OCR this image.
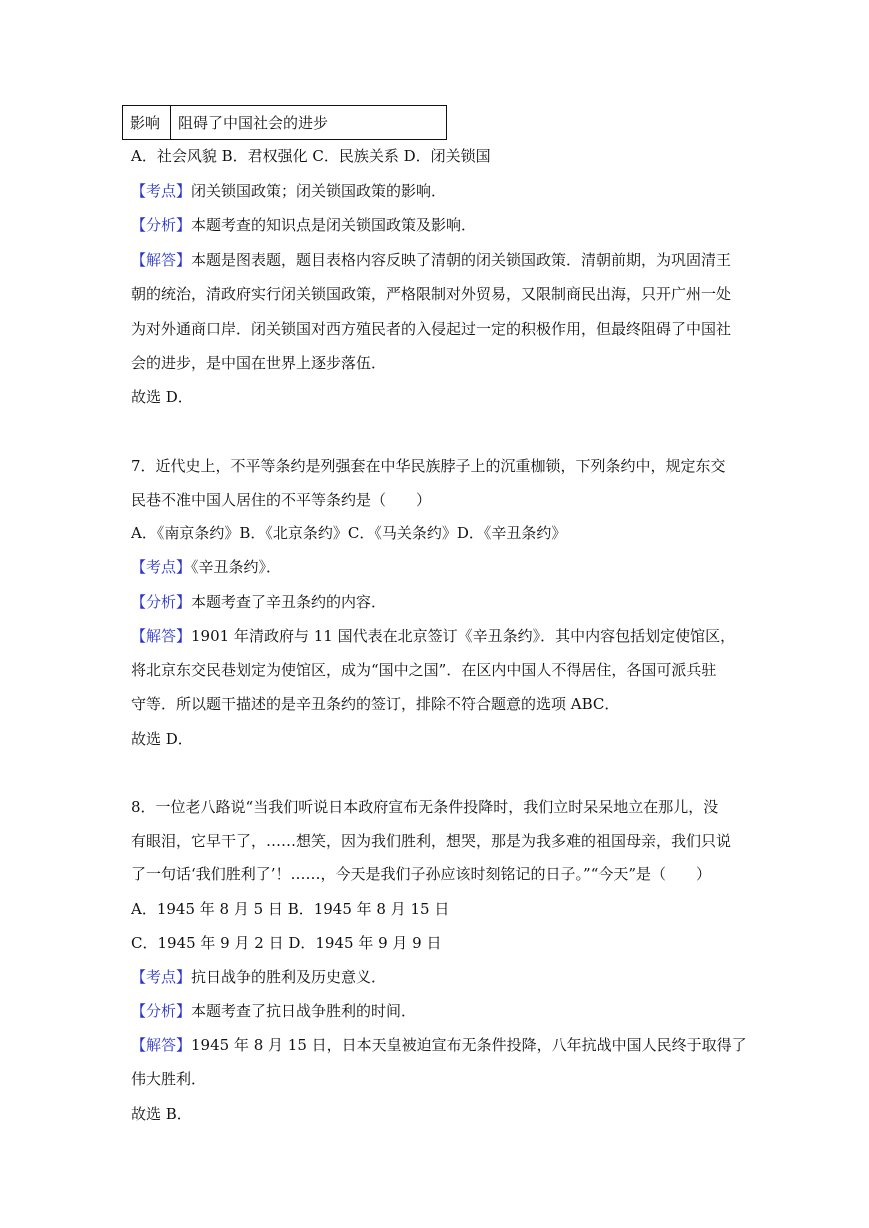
影响	阻碍了中国社会的进步
A．社会风貌 B．君权强化 C．民族关系 D．闭关锁国
【考点】闭关锁国政策；闭关锁国政策的影响．
【分析】本题考查的知识点是闭关锁国政策及影响．
【解答】本题是图表题，题目表格内容反映了清朝的闭关锁国政策．清朝前期，为巩固清王
朝的统治，清政府实行闭关锁国政策，严格限制对外贸易，又限制商民出海，只开广州一处
为对外通商口岸．闭关锁国对西方殖民者的入侵起过一定的积极作用，但最终阻碍了中国社
会的进步，是中国在世界上逐步落伍．
故选 D．
7．近代史上，不平等条约是列强套在中华民族脖子上的沉重枷锁，下列条约中，规定东交
民巷不准中国人居住的不平等条约是（　　）
A．《南京条约》B．《北京条约》C．《马关条约》D．《辛丑条约》
【考点】《辛丑条约》．
【分析】本题考查了辛丑条约的内容．
【解答】1901 年清政府与 11 国代表在北京签订《辛丑条约》．其中内容包括划定使馆区，
将北京东交民巷划定为使馆区，成为“国中之国”．在区内中国人不得居住，各国可派兵驻
守等．所以题干描述的是辛丑条约的签订，排除不符合题意的选项 ABC．
故选 D．
8．一位老八路说“当我们听说日本政府宣布无条件投降时，我们立时呆呆地立在那儿，没
有眼泪，它早干了，……想笑，因为我们胜利，想哭，那是为我多难的祖国母亲，我们只说
了一句话‘我们胜利了’！……，今天是我们子孙应该时刻铭记的日子。”“今天”是（　　）
A．1945 年 8 月 5 日 B．1945 年 8 月 15 日
C．1945 年 9 月 2 日 D．1945 年 9 月 9 日
【考点】抗日战争的胜利及历史意义．
【分析】本题考查了抗日战争胜利的时间．
【解答】1945 年 8 月 15 日，日本天皇被迫宣布无条件投降，八年抗战中国人民终于取得了
伟大胜利．
故选 B．
